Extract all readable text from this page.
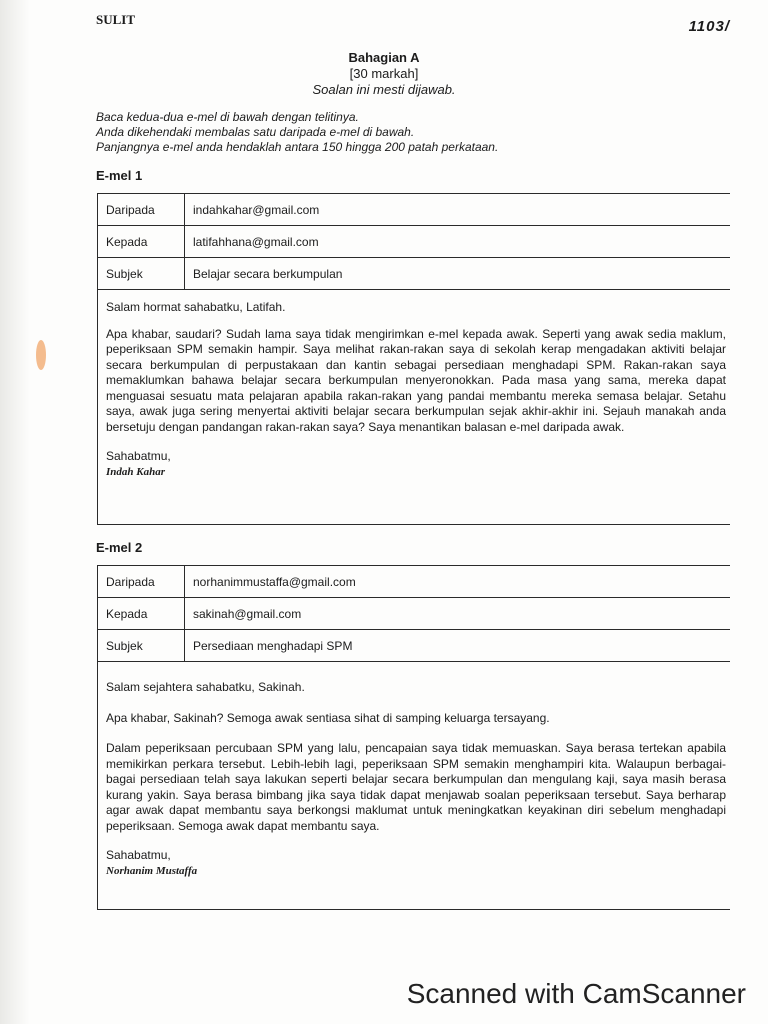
SULIT	1103/
Bahagian A
[30 markah]
Soalan ini mesti dijawab.
Baca kedua-dua e-mel di bawah dengan telitinya.
Anda dikehendaki membalas satu daripada e-mel di bawah.
Panjangnya e-mel anda hendaklah antara 150 hingga 200 patah perkataan.
E-mel 1
Daripada	indahkahar@gmail.com
Kepada	latifahhana@gmail.com
Subjek	Belajar secara berkumpulan

Salam hormat sahabatku, Latifah.

Apa khabar, saudari? Sudah lama saya tidak mengirimkan e-mel kepada awak. Seperti yang awak sedia maklum, peperiksaan SPM semakin hampir. Saya melihat rakan-rakan saya di sekolah kerap mengadakan aktiviti belajar secara berkumpulan di perpustakaan dan kantin sebagai persediaan menghadapi SPM. Rakan-rakan saya memaklumkan bahawa belajar secara berkumpulan menyeronokkan. Pada masa yang sama, mereka dapat menguasai sesuatu mata pelajaran apabila rakan-rakan yang pandai membantu mereka semasa belajar. Setahu saya, awak juga sering menyertai aktiviti belajar secara berkumpulan sejak akhir-akhir ini. Sejauh manakah anda bersetuju dengan pandangan rakan-rakan saya? Saya menantikan balasan e-mel daripada awak.

Sahabatmu,
Indah Kahar
E-mel 2
Daripada	norhanimmustaffa@gmail.com
Kepada	sakinah@gmail.com
Subjek	Persediaan menghadapi SPM

Salam sejahtera sahabatku, Sakinah.

Apa khabar, Sakinah? Semoga awak sentiasa sihat di samping keluarga tersayang.

Dalam peperiksaan percubaan SPM yang lalu, pencapaian saya tidak memuaskan. Saya berasa tertekan apabila memikirkan perkara tersebut. Lebih-lebih lagi, peperiksaan SPM semakin menghampiri kita. Walaupun berbagai-bagai persediaan telah saya lakukan seperti belajar secara berkumpulan dan mengulang kaji, saya masih berasa kurang yakin. Saya berasa bimbang jika saya tidak dapat menjawab soalan peperiksaan tersebut. Saya berharap agar awak dapat membantu saya berkongsi maklumat untuk meningkatkan keyakinan diri sebelum menghadapi peperiksaan. Semoga awak dapat membantu saya.

Sahabatmu,
Norhanim Mustaffa
Scanned with CamScanner
